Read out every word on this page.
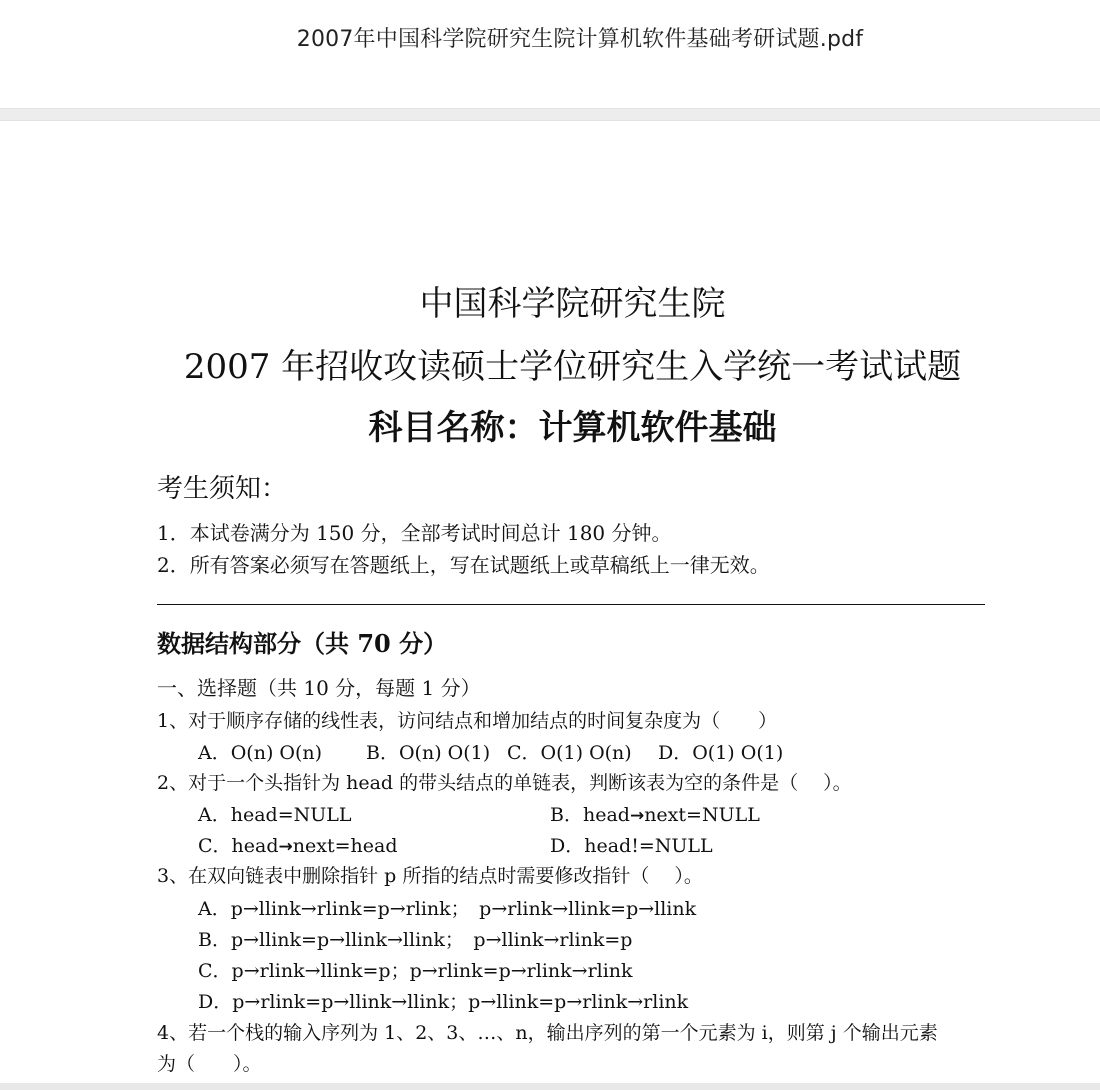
2007年中国科学院研究生院计算机软件基础考研试题.pdf
中国科学院研究生院
2007 年招收攻读硕士学位研究生入学统一考试试题
科目名称：计算机软件基础
考生须知：
1．本试卷满分为 150 分，全部考试时间总计 180 分钟。
2．所有答案必须写在答题纸上，写在试题纸上或草稿纸上一律无效。
数据结构部分（共 70 分）
一、选择题（共 10 分，每题 1 分）
1、对于顺序存储的线性表，访问结点和增加结点的时间复杂度为（　　）
A．O(n) O(n) B．O(n) O(1) C．O(1) O(n) D．O(1) O(1)
2、对于一个头指针为 head 的带头结点的单链表，判断该表为空的条件是（　 ）。
A．head=NULL	B．head→next=NULL
C．head→next=head	D．head!=NULL
3、在双向链表中删除指针 p 所指的结点时需要修改指针（　 ）。
A．p→llink→rlink=p→rlink；　p→rlink→llink=p→llink
B．p→llink=p→llink→llink；　p→llink→rlink=p
C．p→rlink→llink=p；p→rlink=p→rlink→rlink
D．p→rlink=p→llink→llink；p→llink=p→rlink→rlink
4、若一个栈的输入序列为 1、2、3、…、n，输出序列的第一个元素为 i，则第 j 个输出元素
为（　　）。
